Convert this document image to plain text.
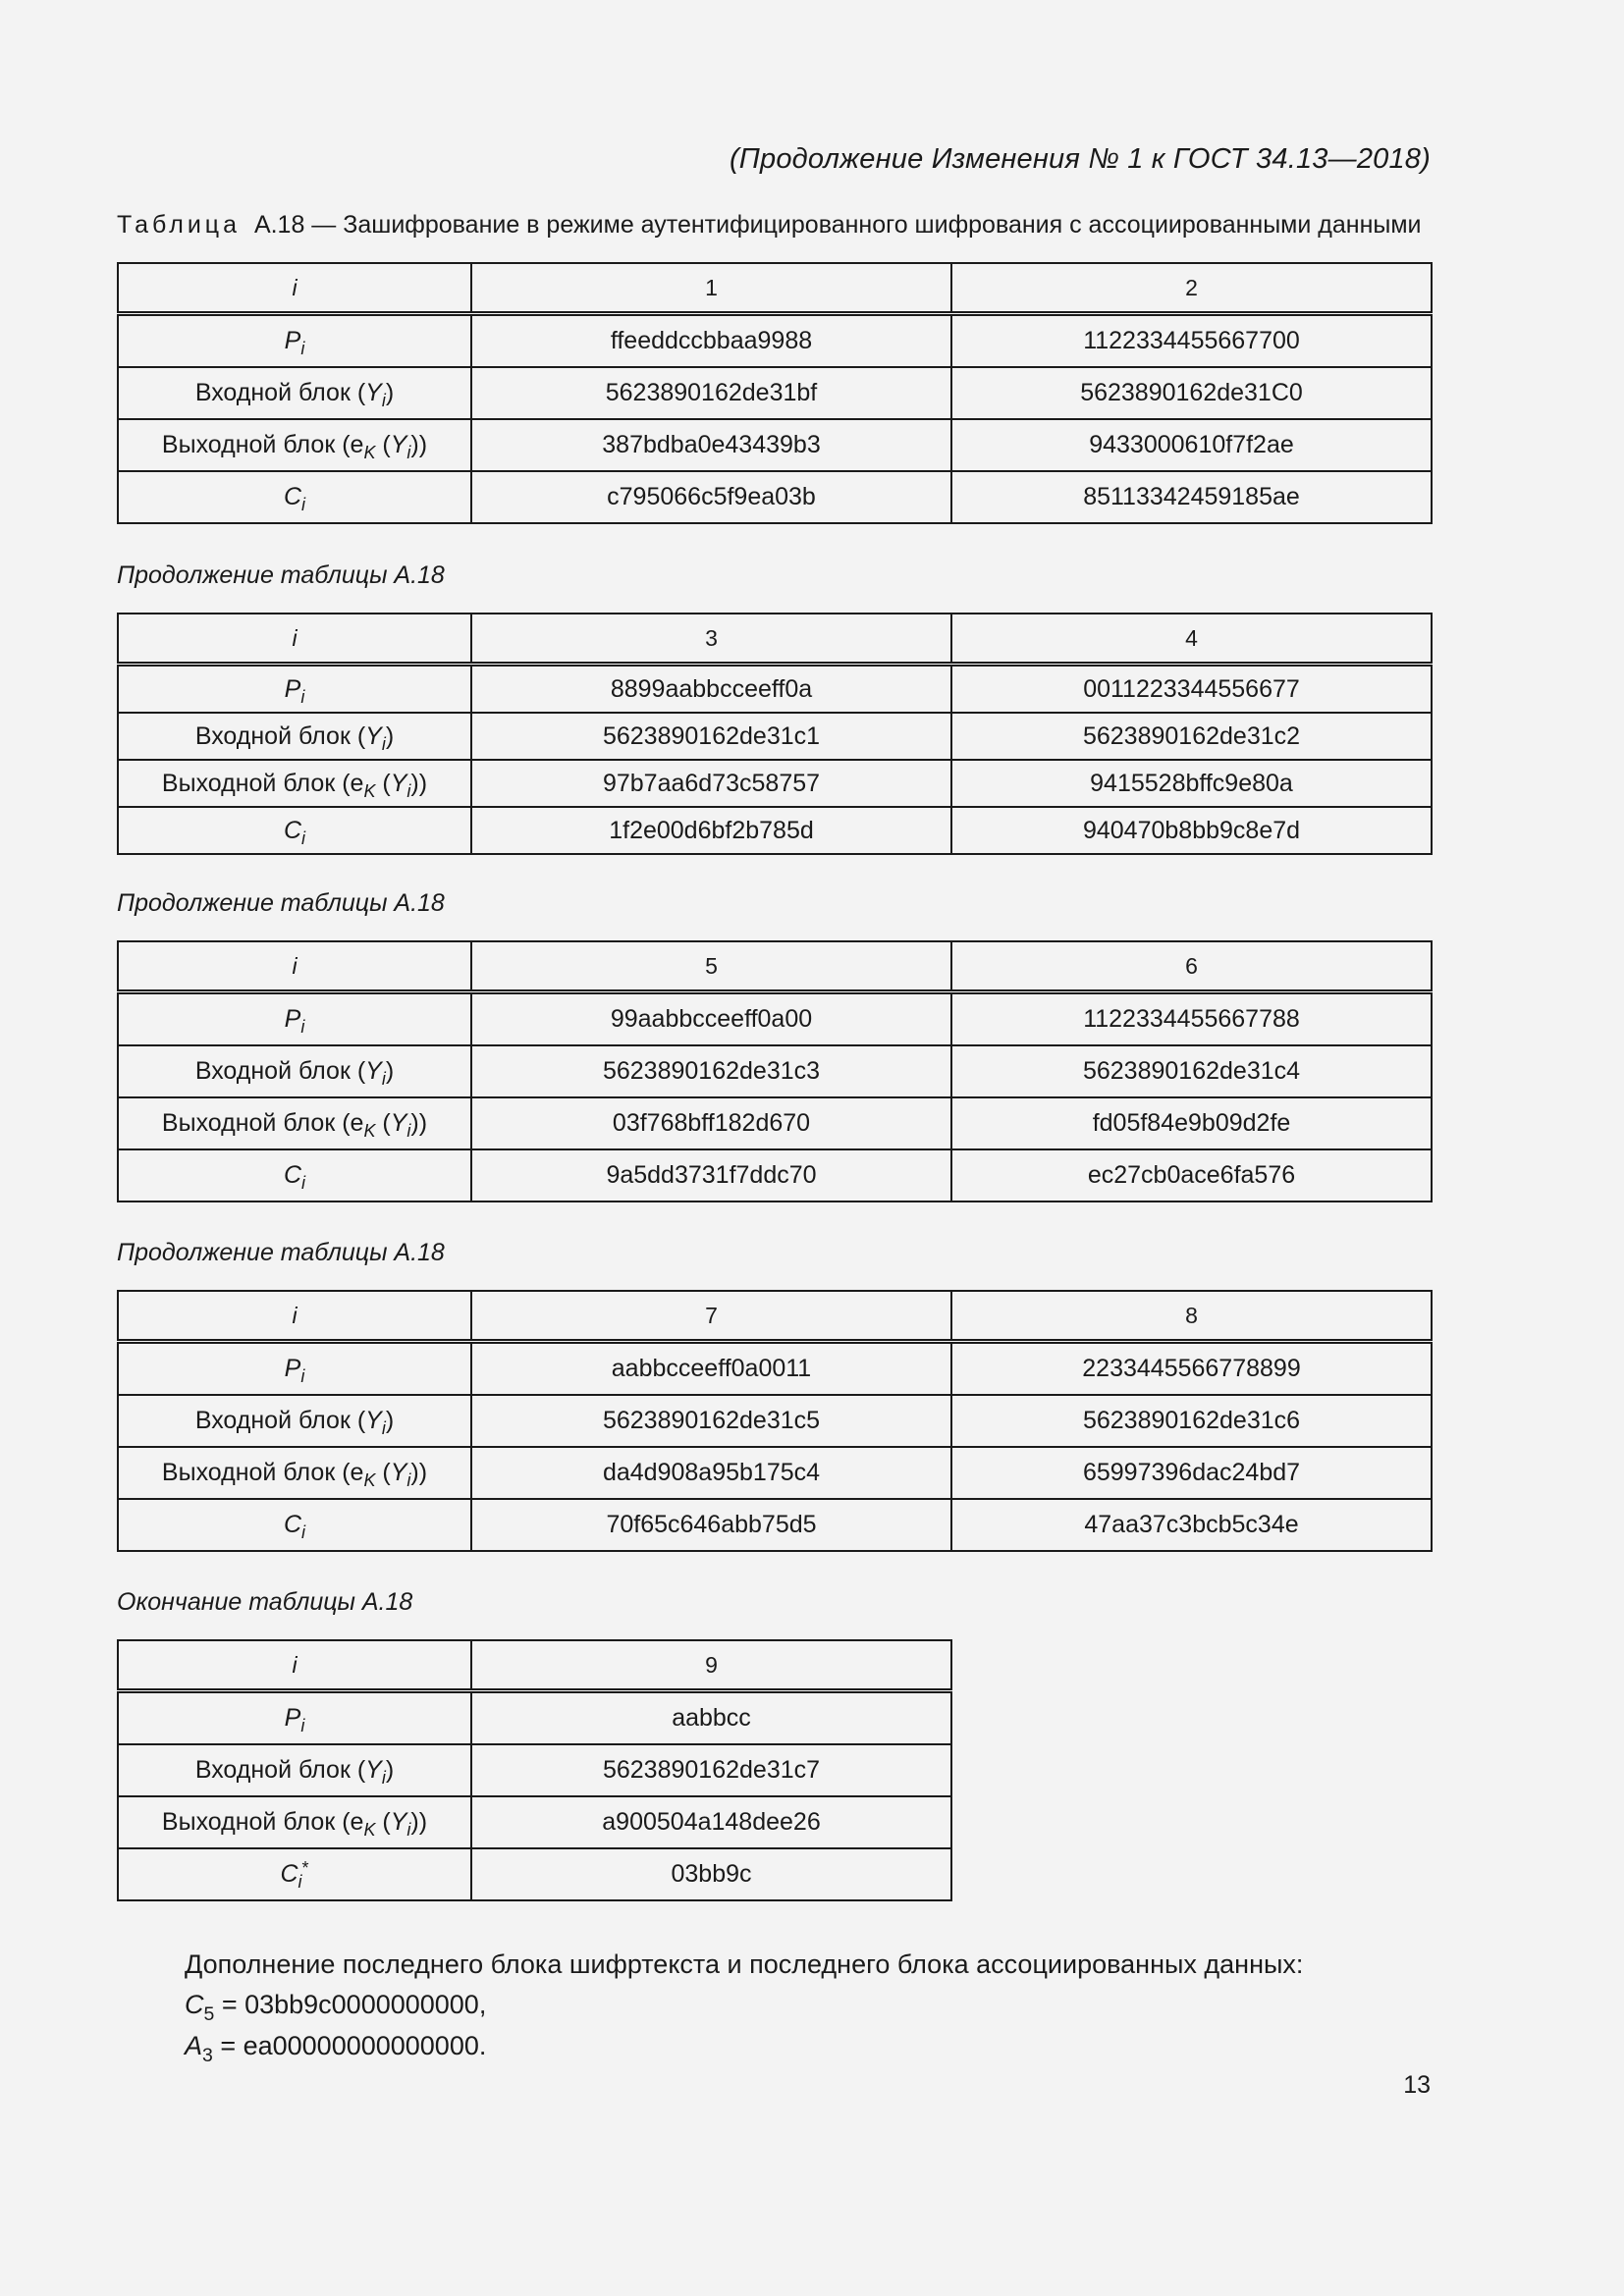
(Продолжение Изменения № 1 к ГОСТ 34.13—2018)
Таблица А.18 — Зашифрование в режиме аутентифицированного шифрования с ассоциированными данными
i	1	2
$P_i$	ffeeddccbbaa9988	1122334455667700
Входной блок $(Y_i)$	5623890162de31bf	5623890162de31C0
Выходной блок ($e_K$ $(Y_i)$)	387bdba0e43439b3	9433000610f7f2ae
$C_i$	c795066c5f9ea03b	85113342459185ae
Продолжение таблицы А.18
i	3	4
$P_i$	8899aabbcceeff0a	0011223344556677
Входной блок $(Y_i)$	5623890162de31c1	5623890162de31c2
Выходной блок ($e_K$ $(Y_i)$)	97b7aa6d73c58757	9415528bffc9e80a
$C_i$	1f2e00d6bf2b785d	940470b8bb9c8e7d
Продолжение таблицы А.18
i	5	6
$P_i$	99aabbcceeff0a00	1122334455667788
Входной блок $(Y_i)$	5623890162de31c3	5623890162de31c4
Выходной блок ($e_K$ $(Y_i)$)	03f768bff182d670	fd05f84e9b09d2fe
$C_i$	9a5dd3731f7ddc70	ec27cb0ace6fa576
Продолжение таблицы А.18
i	7	8
$P_i$	aabbcceeff0a0011	2233445566778899
Входной блок $(Y_i)$	5623890162de31c5	5623890162de31c6
Выходной блок ($e_K$ $(Y_i)$)	da4d908a95b175c4	65997396dac24bd7
$C_i$	70f65c646abb75d5	47aa37c3bcb5c34e
Окончание таблицы А.18
i	9
$P_i$	aabbcc
Входной блок $(Y_i)$	5623890162de31c7
Выходной блок ($e_K$ $(Y_i)$)	a900504a148dee26
$C_i^*$	03bb9c
Дополнение последнего блока шифртекста и последнего блока ассоциированных данных:
$C_5 = 03bb9c0000000000$,
$A_3 = ea00000000000000$.
13
